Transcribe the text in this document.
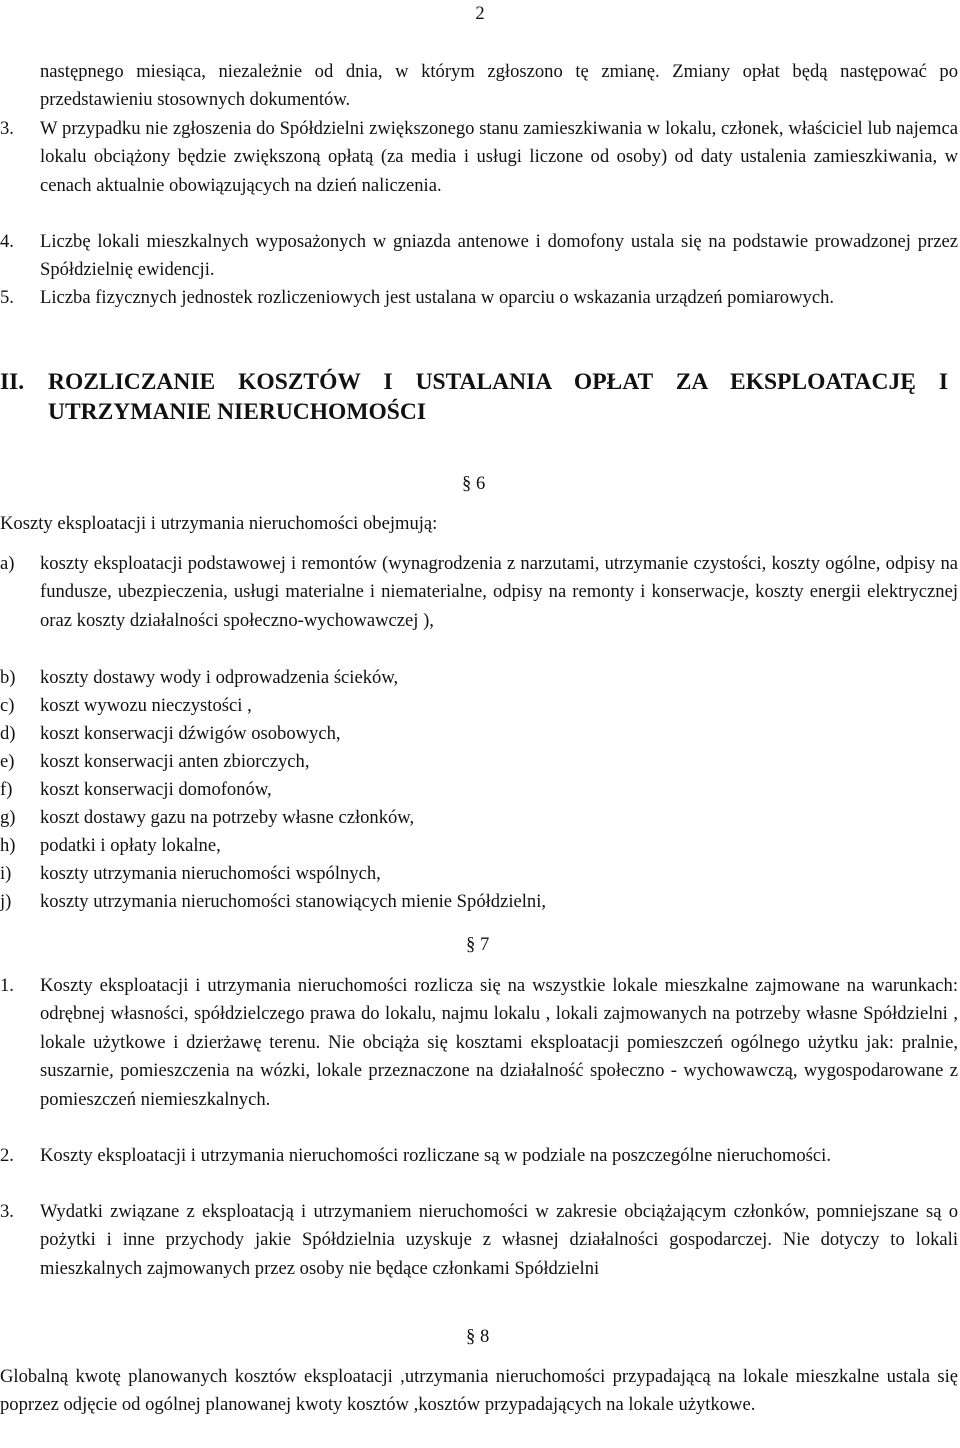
2
następnego miesiąca, niezależnie od dnia, w którym zgłoszono tę zmianę. Zmiany opłat będą następować po przedstawieniu stosownych dokumentów.
3. W przypadku nie zgłoszenia do Spółdzielni zwiększonego stanu zamieszkiwania w lokalu, członek, właściciel lub najemca lokalu obciążony będzie zwiększoną opłatą (za media i usługi liczone od osoby) od daty ustalenia zamieszkiwania, w cenach aktualnie obowiązujących na dzień naliczenia.
4. Liczbę lokali mieszkalnych wyposażonych w gniazda antenowe i domofony ustala się na podstawie prowadzonej przez Spółdzielnię ewidencji.
5. Liczba fizycznych jednostek rozliczeniowych jest ustalana w oparciu o wskazania urządzeń pomiarowych.
II. ROZLICZANIE KOSZTÓW I USTALANIA OPŁAT ZA EKSPLOATACJĘ I UTRZYMANIE NIERUCHOMOŚCI
§ 6
Koszty eksploatacji i utrzymania nieruchomości obejmują:
a) koszty eksploatacji podstawowej i remontów (wynagrodzenia z narzutami, utrzymanie czystości, koszty ogólne, odpisy na fundusze, ubezpieczenia, usługi materialne i niematerialne, odpisy na remonty i konserwacje, koszty energii elektrycznej oraz koszty działalności społeczno-wychowawczej ),
b) koszty dostawy wody i odprowadzenia ścieków,
c) koszt wywozu nieczystości ,
d) koszt konserwacji dźwigów osobowych,
e) koszt konserwacji anten zbiorczych,
f) koszt konserwacji domofonów,
g) koszt dostawy gazu na potrzeby własne członków,
h) podatki i opłaty lokalne,
i) koszty utrzymania nieruchomości wspólnych,
j) koszty utrzymania nieruchomości stanowiących mienie Spółdzielni,
§ 7
1. Koszty eksploatacji i utrzymania nieruchomości rozlicza się na wszystkie lokale mieszkalne zajmowane na warunkach: odrębnej własności, spółdzielczego prawa do lokalu, najmu lokalu , lokali zajmowanych na potrzeby własne Spółdzielni , lokale użytkowe i dzierżawę terenu. Nie obciąża się kosztami eksploatacji pomieszczeń ogólnego użytku jak: pralnie, suszarnie, pomieszczenia na wózki, lokale przeznaczone na działalność społeczno - wychowawczą, wygospodarowane z pomieszczeń niemieszkalnych.
2. Koszty eksploatacji i utrzymania nieruchomości rozliczane są w podziale na poszczególne nieruchomości.
3. Wydatki związane z eksploatacją i utrzymaniem nieruchomości w zakresie obciążającym członków, pomniejszane są o pożytki i inne przychody jakie Spółdzielnia uzyskuje z własnej działalności gospodarczej. Nie dotyczy to lokali mieszkalnych zajmowanych przez osoby nie będące członkami Spółdzielni
§ 8
Globalną kwotę planowanych kosztów eksploatacji ,utrzymania nieruchomości przypadającą na lokale mieszkalne ustala się poprzez odjęcie od ogólnej planowanej kwoty kosztów ,kosztów przypadających na lokale użytkowe.
